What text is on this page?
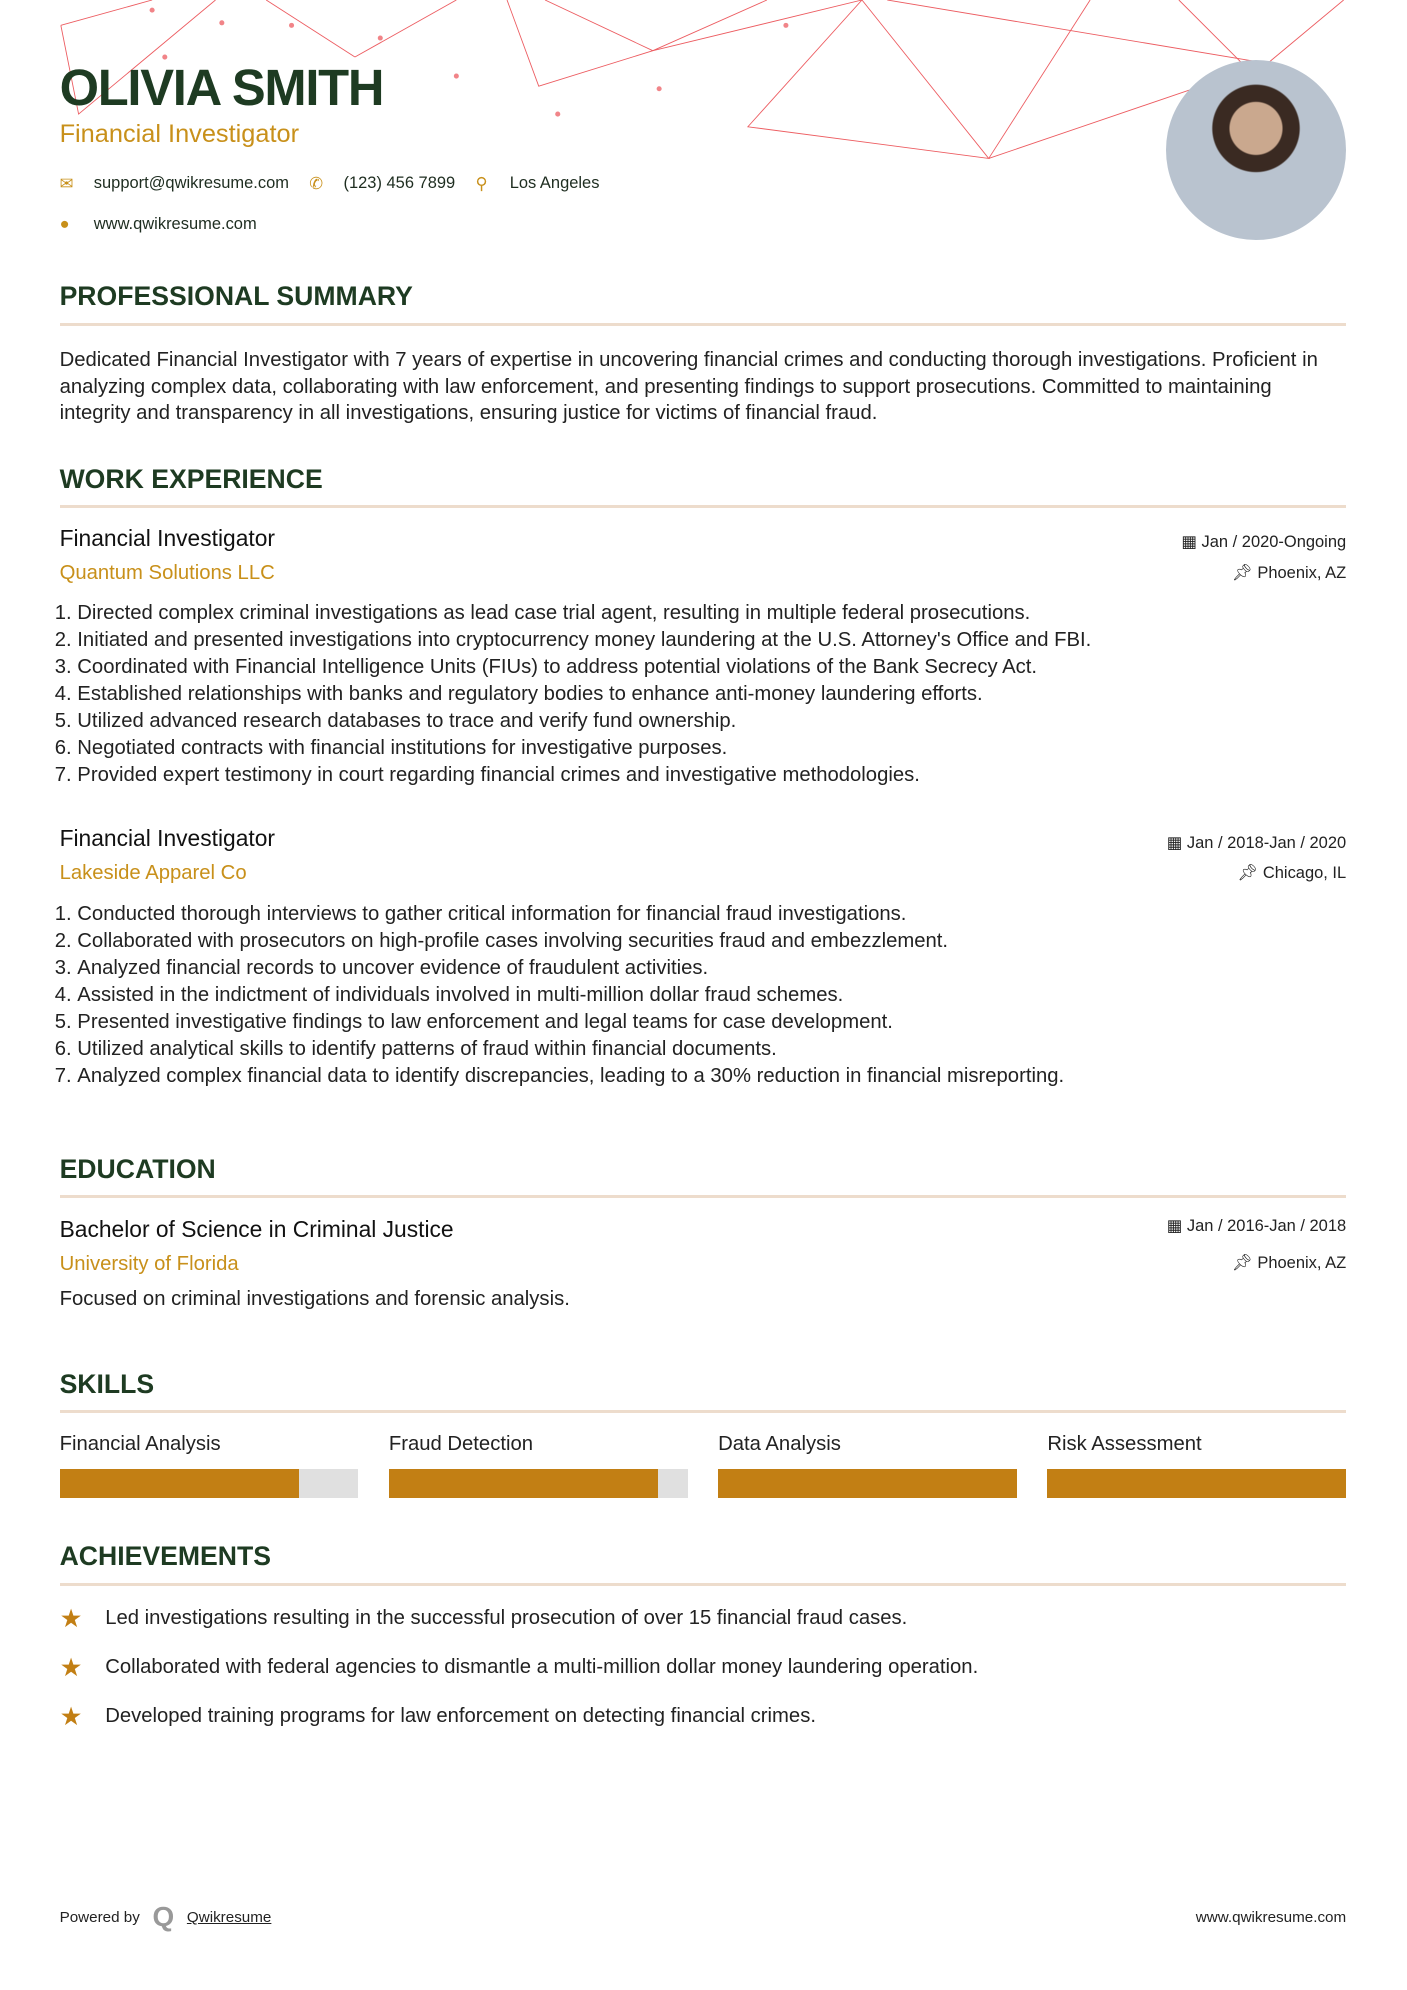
OLIVIA SMITH
Financial Investigator
✉	support@qwikresume.com ✆	(123) 456 7899 ⚲	Los Angeles
●	www.qwikresume.com
PROFESSIONAL SUMMARY
Dedicated Financial Investigator with 7 years of expertise in uncovering financial crimes and conducting thorough investigations. Proficient in analyzing complex data, collaborating with law enforcement, and presenting findings to support prosecutions. Committed to maintaining integrity and transparency in all investigations, ensuring justice for victims of financial fraud.
WORK EXPERIENCE
▦ Jan / 2020-Ongoing
📌︎ Phoenix, AZ
Financial Investigator
Quantum Solutions LLC
1. Directed complex criminal investigations as lead case trial agent, resulting in multiple federal prosecutions.
2. Initiated and presented investigations into cryptocurrency money laundering at the U.S. Attorney's Office and FBI.
3. Coordinated with Financial Intelligence Units (FIUs) to address potential violations of the Bank Secrecy Act.
4. Established relationships with banks and regulatory bodies to enhance anti-money laundering efforts.
5. Utilized advanced research databases to trace and verify fund ownership.
6. Negotiated contracts with financial institutions for investigative purposes.
7. Provided expert testimony in court regarding financial crimes and investigative methodologies.
▦ Jan / 2018-Jan / 2020
📌︎ Chicago, IL
Financial Investigator
Lakeside Apparel Co
1. Conducted thorough interviews to gather critical information for financial fraud investigations.
2. Collaborated with prosecutors on high-profile cases involving securities fraud and embezzlement.
3. Analyzed financial records to uncover evidence of fraudulent activities.
4. Assisted in the indictment of individuals involved in multi-million dollar fraud schemes.
5. Presented investigative findings to law enforcement and legal teams for case development.
6. Utilized analytical skills to identify patterns of fraud within financial documents.
7. Analyzed complex financial data to identify discrepancies, leading to a 30% reduction in financial misreporting.
EDUCATION
▦ Jan / 2016-Jan / 2018
📌︎ Phoenix, AZ
Bachelor of Science in Criminal Justice
University of Florida
Focused on criminal investigations and forensic analysis.
SKILLS
Financial Analysis	Fraud Detection	Data Analysis	Risk Assessment
ACHIEVEMENTS
★	Led investigations resulting in the successful prosecution of over 15 financial fraud cases.
★	Collaborated with federal agencies to dismantle a multi-million dollar money laundering operation.
★	Developed training programs for law enforcement on detecting financial crimes.
Powered by Q Qwikresume	www.qwikresume.com
